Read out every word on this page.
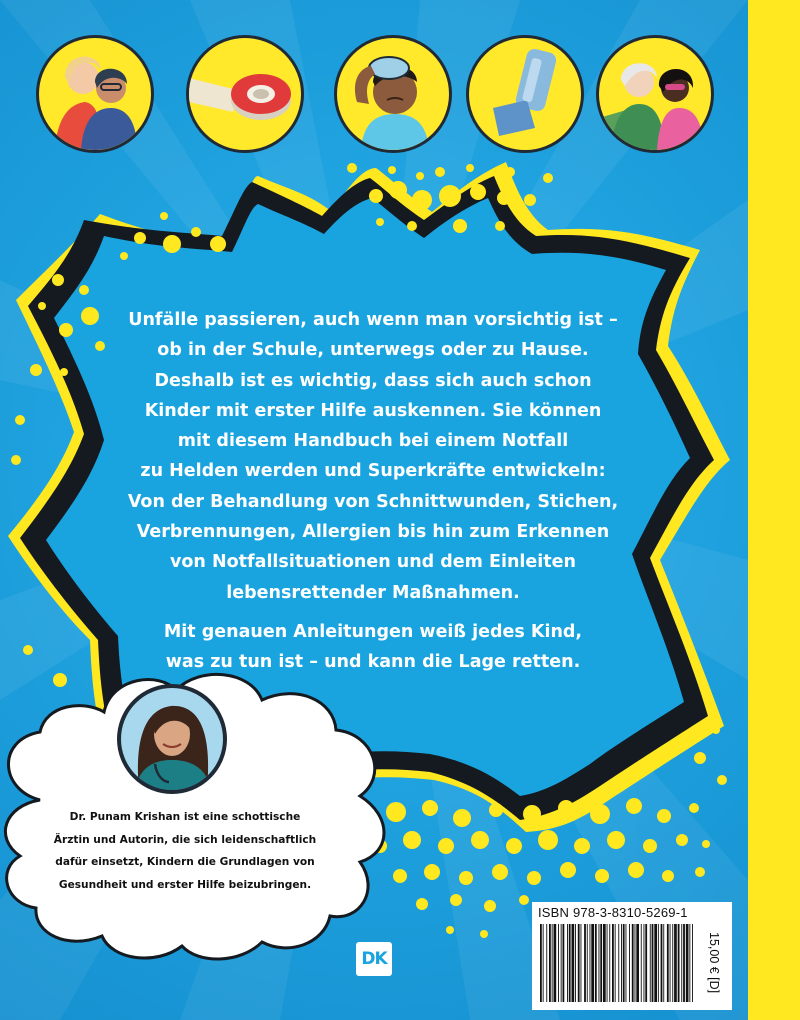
Unfälle passieren, auch wenn man vorsichtig ist –
ob in der Schule, unterwegs oder zu Hause.
Deshalb ist es wichtig, dass sich auch schon
Kinder mit erster Hilfe auskennen. Sie können
mit diesem Handbuch bei einem Notfall
zu Helden werden und Superkräfte entwickeln:
Von der Behandlung von Schnittwunden, Stichen,
Verbrennungen, Allergien bis hin zum Erkennen
von Notfallsituationen und dem Einleiten
lebensrettender Maßnahmen.
Mit genauen Anleitungen weiß jedes Kind,
was zu tun ist – und kann die Lage retten.
Dr. Punam Krishan ist eine schottische
Ärztin und Autorin, die sich leidenschaftlich
dafür einsetzt, Kindern die Grundlagen von
Gesundheit und erster Hilfe beizubringen.
DK
ISBN 978-3-8310-5269-1
15,00 € [D]
